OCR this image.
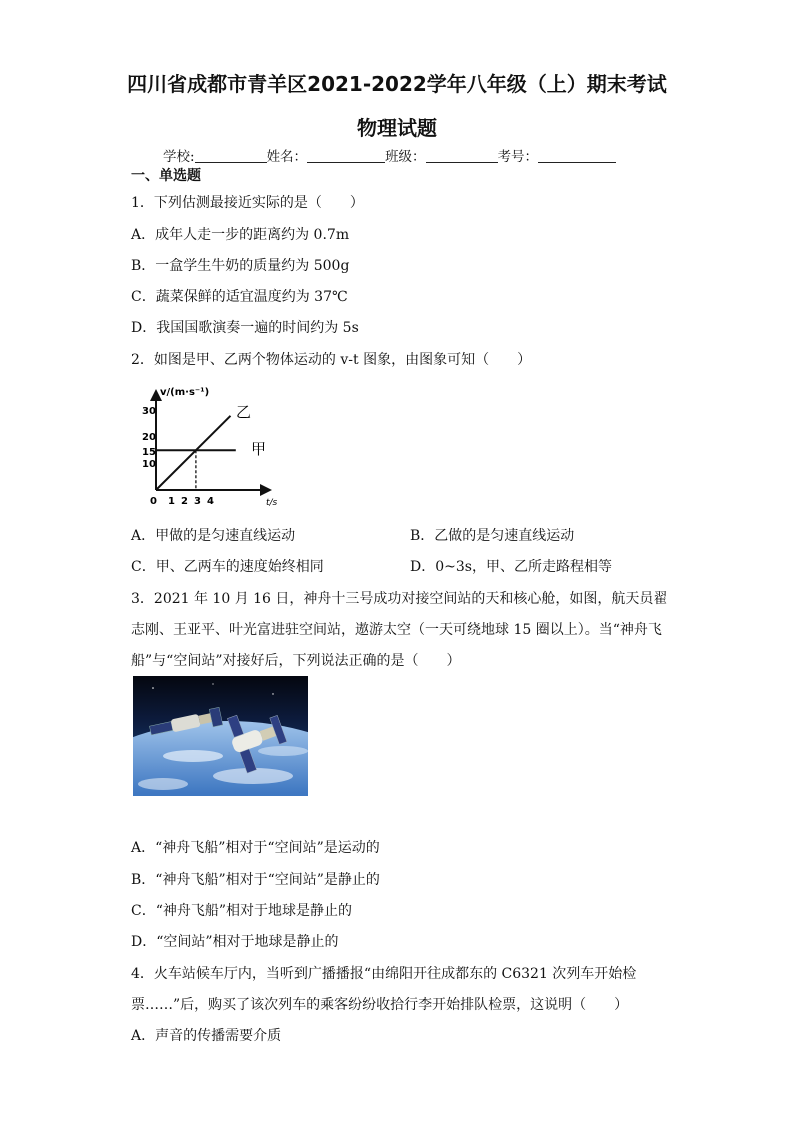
四川省成都市青羊区2021-2022学年八年级（上）期末考试
物理试题
学校:	姓名：	班级：	考号：
一、单选题
1．下列估测最接近实际的是（　　）
A．成年人走一步的距离约为 0.7m
B．一盒学生牛奶的质量约为 500g
C．蔬菜保鲜的适宜温度约为 37℃
D．我国国歌演奏一遍的时间约为 5s
2．如图是甲、乙两个物体运动的 v-t 图象，由图象可知（　　）
v/(m·s⁻¹)
t/s
30
20
15
10
0 1 2 3 4
甲
乙
A．甲做的是匀速直线运动	B．乙做的是匀速直线运动
C．甲、乙两车的速度始终相同	D．0~3s，甲、乙所走路程相等
3．2021 年 10 月 16 日，神舟十三号成功对接空间站的天和核心舱，如图，航天员翟
志刚、王亚平、叶光富进驻空间站，遨游太空（一天可绕地球 15 圈以上）。当“神舟飞
船”与“空间站”对接好后，下列说法正确的是（　　）
A．“神舟飞船”相对于“空间站”是运动的
B．“神舟飞船”相对于“空间站”是静止的
C．“神舟飞船”相对于地球是静止的
D．“空间站”相对于地球是静止的
4．火车站候车厅内，当听到广播播报“由绵阳开往成都东的 C6321 次列车开始检
票……”后，购买了该次列车的乘客纷纷收拾行李开始排队检票，这说明（　　）
A．声音的传播需要介质
